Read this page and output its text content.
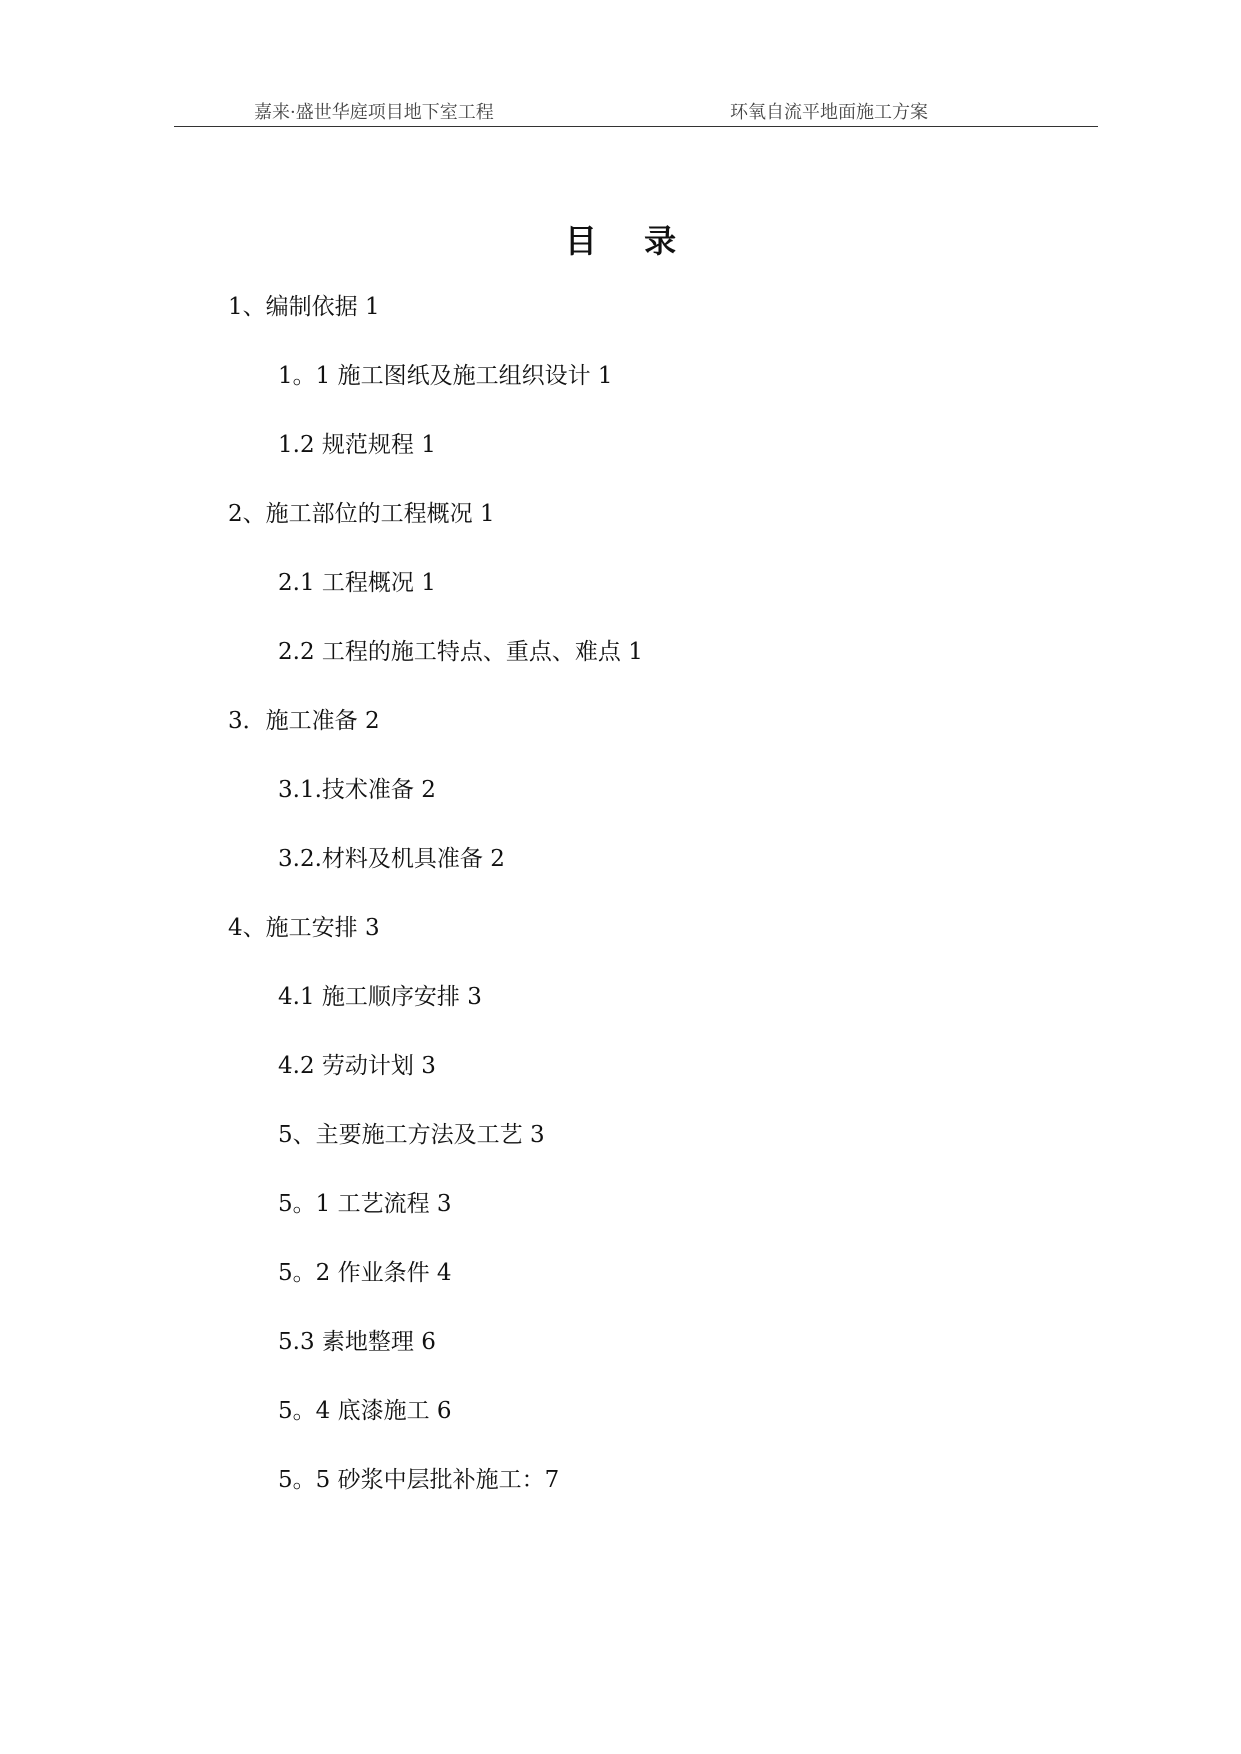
嘉来·盛世华庭项目地下室工程	环氧自流平地面施工方案
目 录
1、编制依据 1
1。1 施工图纸及施工组织设计 1
1.2 规范规程 1
2、施工部位的工程概况 1
2.1 工程概况 1
2.2 工程的施工特点、重点、难点 1
3．施工准备 2
3.1.技术准备 2
3.2.材料及机具准备 2
4、施工安排 3
4.1 施工顺序安排 3
4.2 劳动计划 3
5、主要施工方法及工艺 3
5。1 工艺流程 3
5。2 作业条件 4
5.3 素地整理 6
5。4 底漆施工 6
5。5 砂浆中层批补施工：7
